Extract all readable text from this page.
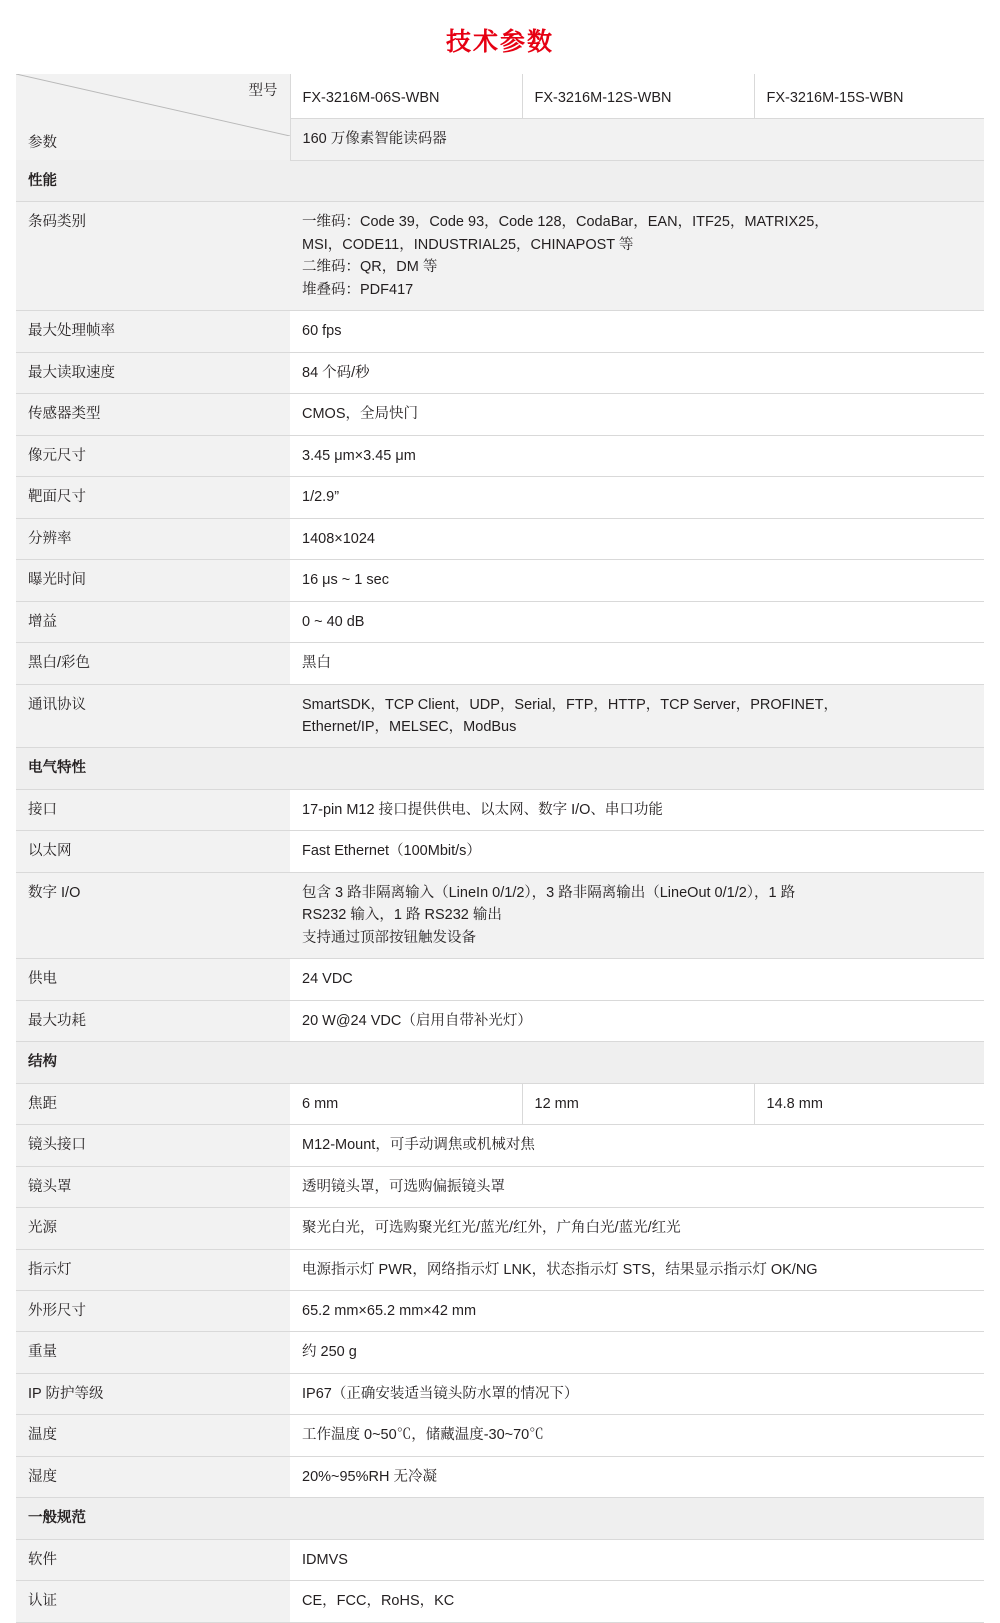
技术参数
型号
参数	FX-3216M-06S-WBN	FX-3216M-12S-WBN	FX-3216M-15S-WBN
	160 万像素智能读码器		
性能			
条码类别	一维码：Code 39，Code 93，Code 128，CodaBar，EAN，ITF25，MATRIX25，
MSI，CODE11，INDUSTRIAL25，CHINAPOST 等
二维码：QR，DM 等
堆叠码：PDF417		

最大处理帧率	60 fps		
最大读取速度	84 个码/秒		
传感器类型	CMOS，全局快门		
像元尺寸	3.45 μm×3.45 μm		
靶面尺寸	1/2.9”		
分辨率	1408×1024		
曝光时间	16 μs ~ 1 sec		
增益	0 ~ 40 dB		
黑白/彩色	黑白		
通讯协议	SmartSDK，TCP Client，UDP，Serial，FTP，HTTP，TCP Server，PROFINET，
Ethernet/IP，MELSEC，ModBus		

电气特性			
接口	17-pin M12 接口提供供电、以太网、数字 I/O、串口功能		
以太网	Fast Ethernet（100Mbit/s）		
数字 I/O	包含 3 路非隔离输入（LineIn 0/1/2），3 路非隔离输出（LineOut 0/1/2），1 路
RS232 输入，1 路 RS232 输出
支持通过顶部按钮触发设备		

供电	24 VDC		
最大功耗	20 W@24 VDC（启用自带补光灯）		
结构			
焦距	6 mm	12 mm	14.8 mm
镜头接口	M12-Mount，可手动调焦或机械对焦		
镜头罩	透明镜头罩，可选购偏振镜头罩		
光源	聚光白光，可选购聚光红光/蓝光/红外，广角白光/蓝光/红光		
指示灯	电源指示灯 PWR，网络指示灯 LNK，状态指示灯 STS，结果显示指示灯 OK/NG		
外形尺寸	65.2 mm×65.2 mm×42 mm		
重量	约 250 g		
IP 防护等级	IP67（正确安装适当镜头防水罩的情况下）		
温度	工作温度 0~50℃，储藏温度-30~70℃		
湿度	20%~95%RH 无冷凝		
一般规范			
软件	IDMVS		
认证	CE，FCC，RoHS，KC		
